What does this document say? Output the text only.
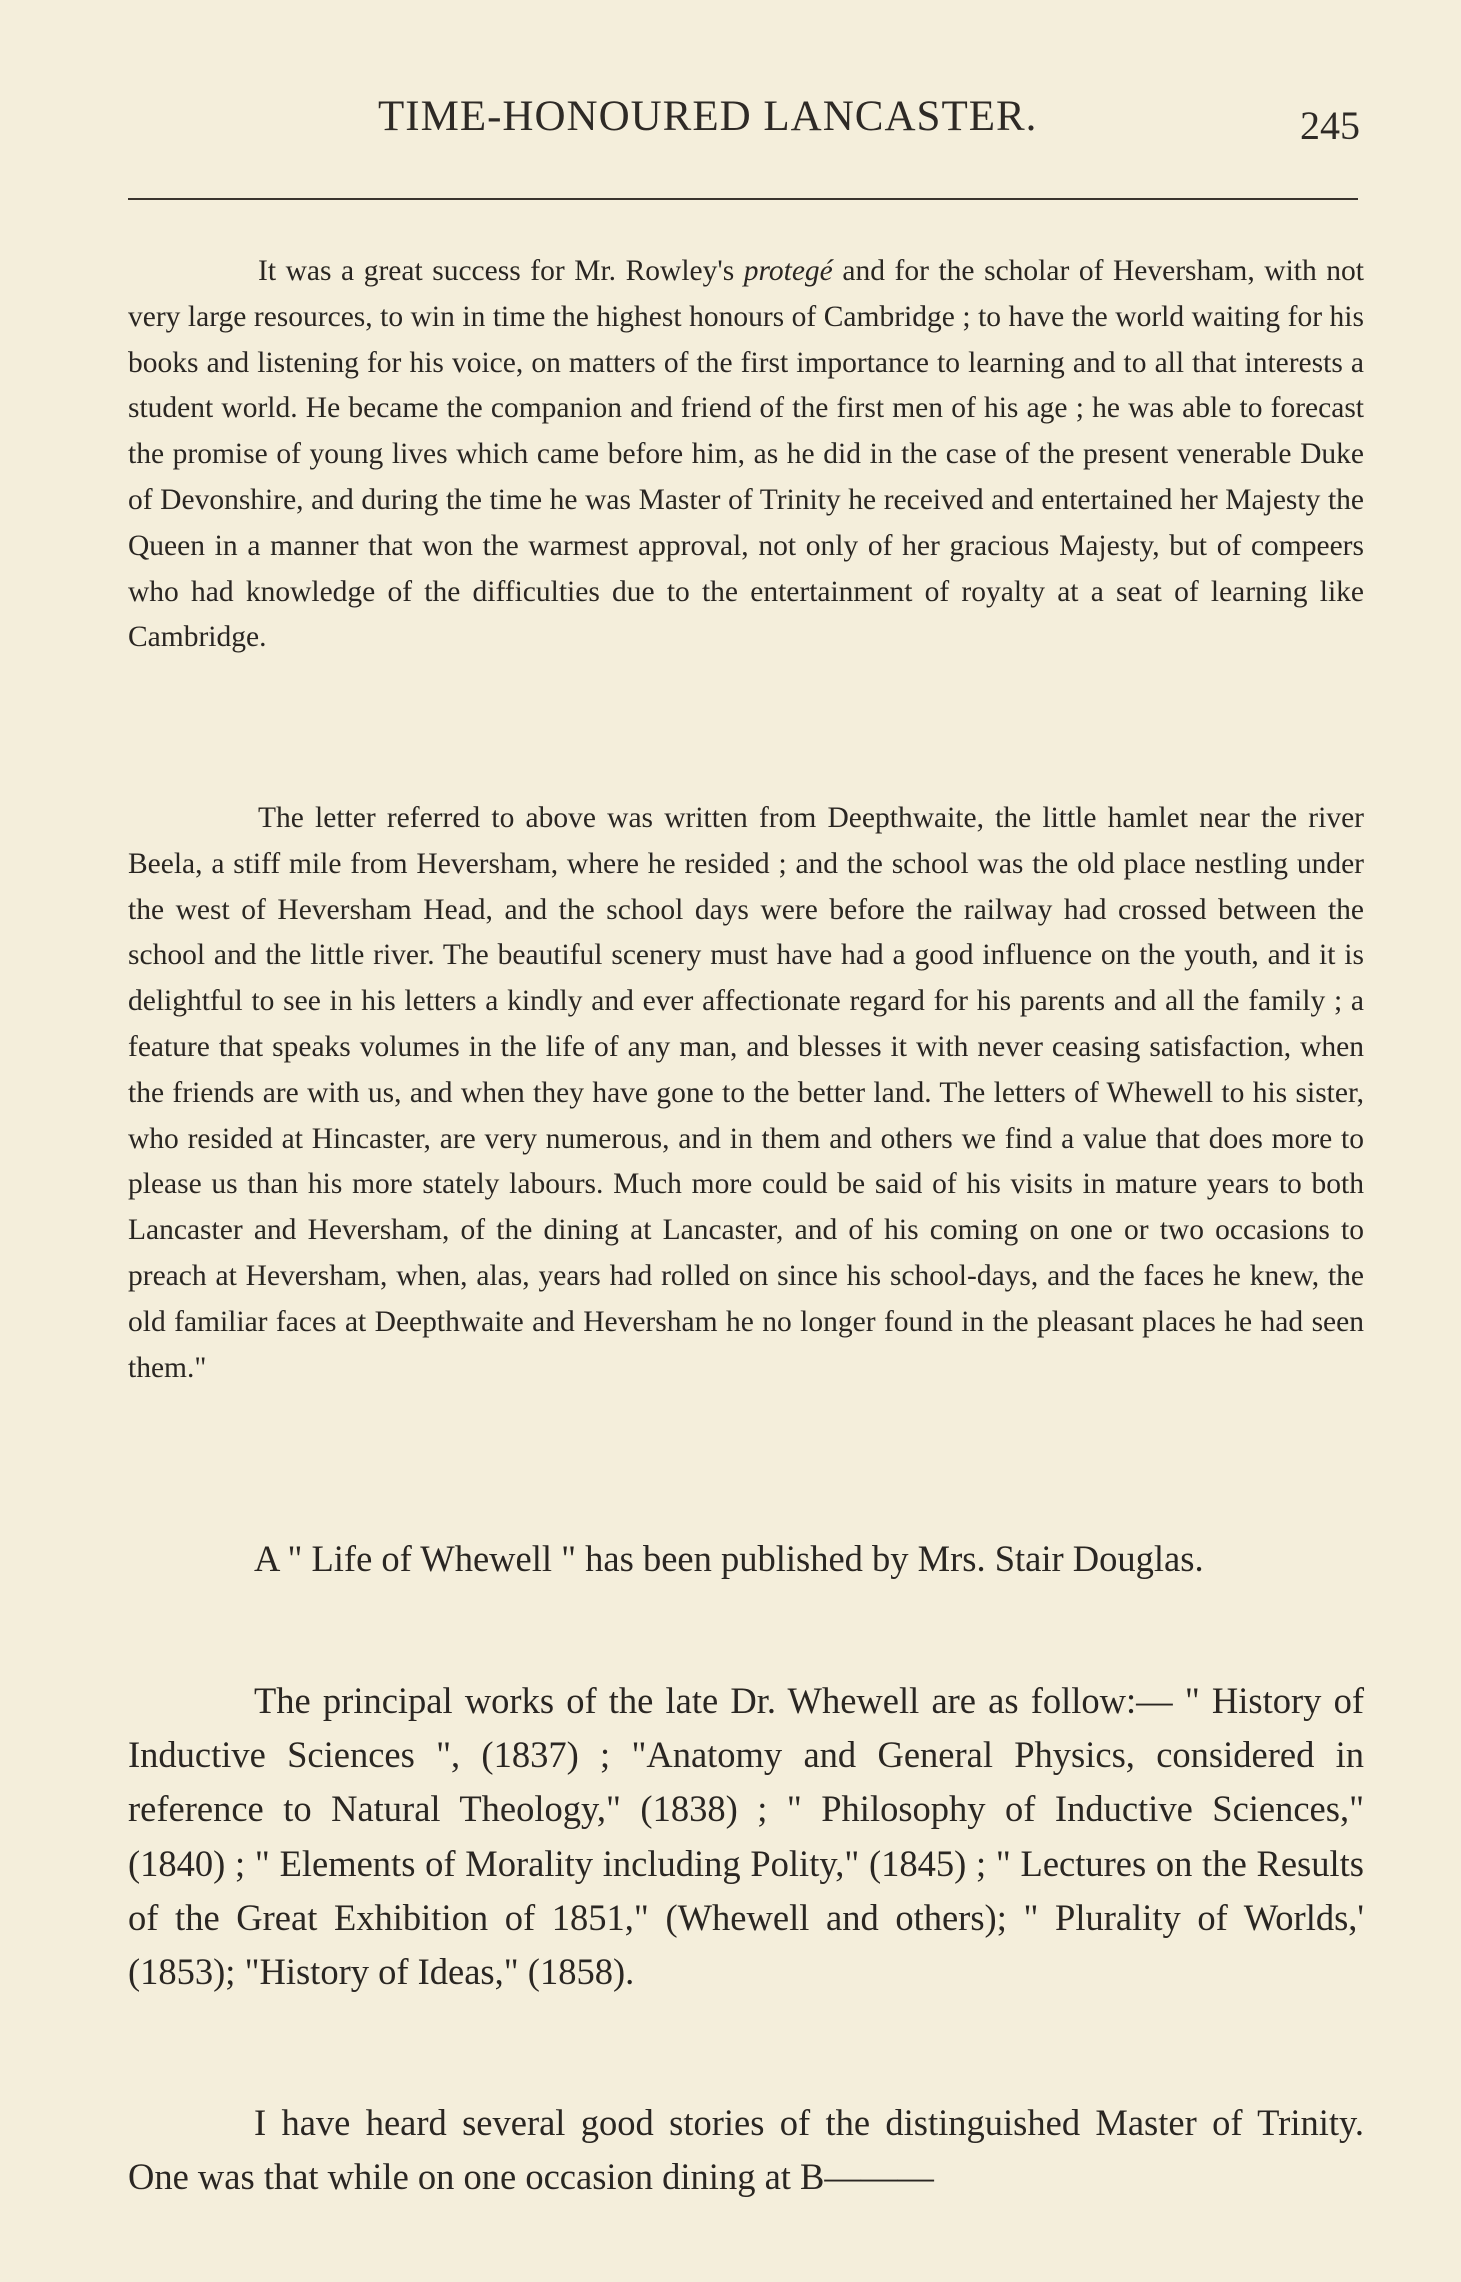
TIME-HONOURED LANCASTER.	245

It was a great success for Mr. Rowley's protegé and for the scholar of Heversham, with not very large resources, to win in time the highest honours of Cambridge ; to have the world waiting for his books and listening for his voice, on matters of the first importance to learning and to all that interests a student world. He became the companion and friend of the first men of his age ; he was able to forecast the promise of young lives which came before him, as he did in the case of the present venerable Duke of Devonshire, and during the time he was Master of Trinity he received and entertained her Majesty the Queen in a manner that won the warmest approval, not only of her gracious Majesty, but of compeers who had knowledge of the difficulties due to the entertainment of royalty at a seat of learning like Cambridge.

The letter referred to above was written from Deepthwaite, the little hamlet near the river Beela, a stiff mile from Heversham, where he resided ; and the school was the old place nestling under the west of Heversham Head, and the school days were before the railway had crossed between the school and the little river. The beautiful scenery must have had a good influence on the youth, and it is delightful to see in his letters a kindly and ever affectionate regard for his parents and all the family ; a feature that speaks volumes in the life of any man, and blesses it with never ceasing satisfaction, when the friends are with us, and when they have gone to the better land. The letters of Whewell to his sister, who resided at Hincaster, are very numerous, and in them and others we find a value that does more to please us than his more stately labours. Much more could be said of his visits in mature years to both Lancaster and Heversham, of the dining at Lancaster, and of his coming on one or two occasions to preach at Heversham, when, alas, years had rolled on since his school-days, and the faces he knew, the old familiar faces at Deepthwaite and Heversham he no longer found in the pleasant places he had seen them."

A " Life of Whewell " has been published by Mrs. Stair Douglas.

The principal works of the late Dr. Whewell are as follow:— " History of Inductive Sciences ", (1837) ; "Anatomy and General Physics, considered in reference to Natural Theology," (1838) ; " Philosophy of Inductive Sciences," (1840) ; " Elements of Morality including Polity," (1845) ; " Lectures on the Results of the Great Exhibition of 1851," (Whewell and others); " Plurality of Worlds,' (1853); "History of Ideas," (1858).

I have heard several good stories of the distinguished Master of Trinity. One was that while on one occasion dining at B———
